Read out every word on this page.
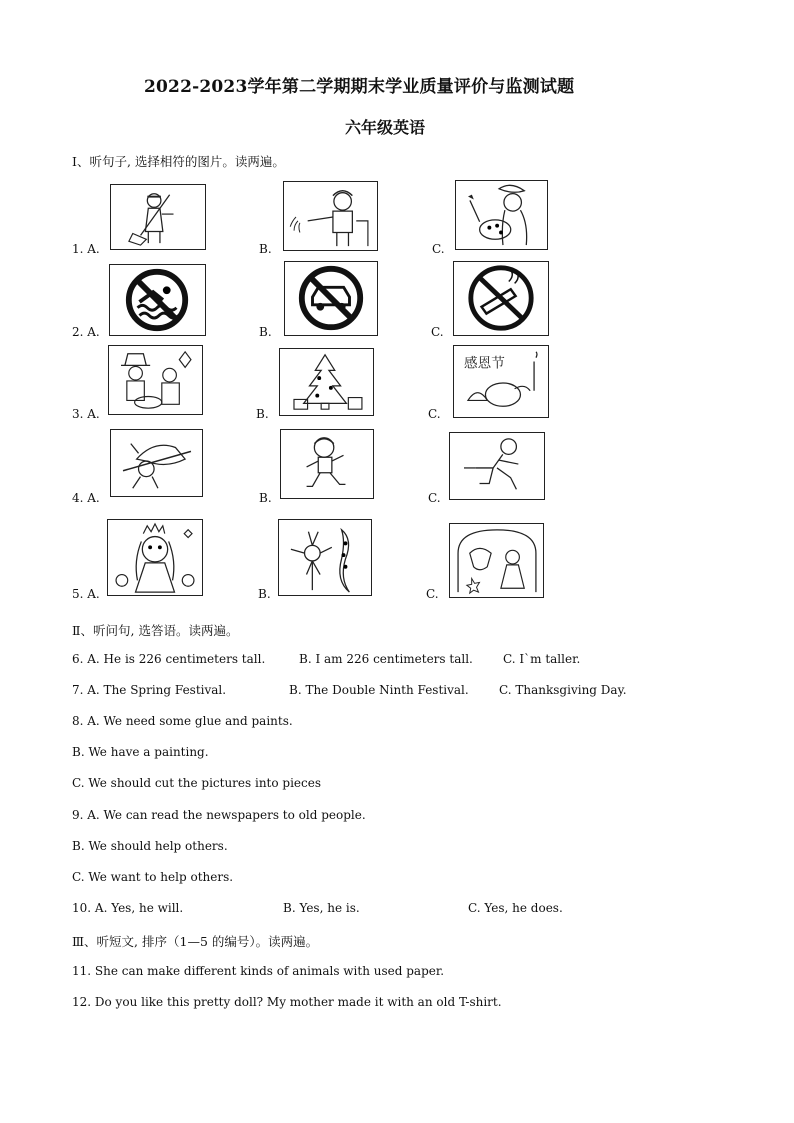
2022-2023学年第二学期期末学业质量评价与监测试题
六年级英语
Ⅰ、听句子, 选择相符的图片。读两遍。
1. A.	B.	C.
2. A.	B.	C.
3. A.	B.	C.
感恩节
4. A.	B.	C.
5. A.	B.	C.
Ⅱ、听问句, 选答语。读两遍。
6. A. He is 226 centimeters tall.	B. I am 226 centimeters tall.	C. I`m taller.
7. A. The Spring Festival.	B. The Double Ninth Festival.	C. Thanksgiving Day.
8. A. We need some glue and paints.
B. We have a painting.
C. We should cut the pictures into pieces
9. A. We can read the newspapers to old people.
B. We should help others.
C. We want to help others.
10. A. Yes, he will.	B. Yes, he is.	C. Yes, he does.
Ⅲ、听短文, 排序（1—5 的编号）。读两遍。
11. She can make different kinds of animals with used paper.
12. Do you like this pretty doll? My mother made it with an old T-shirt.
